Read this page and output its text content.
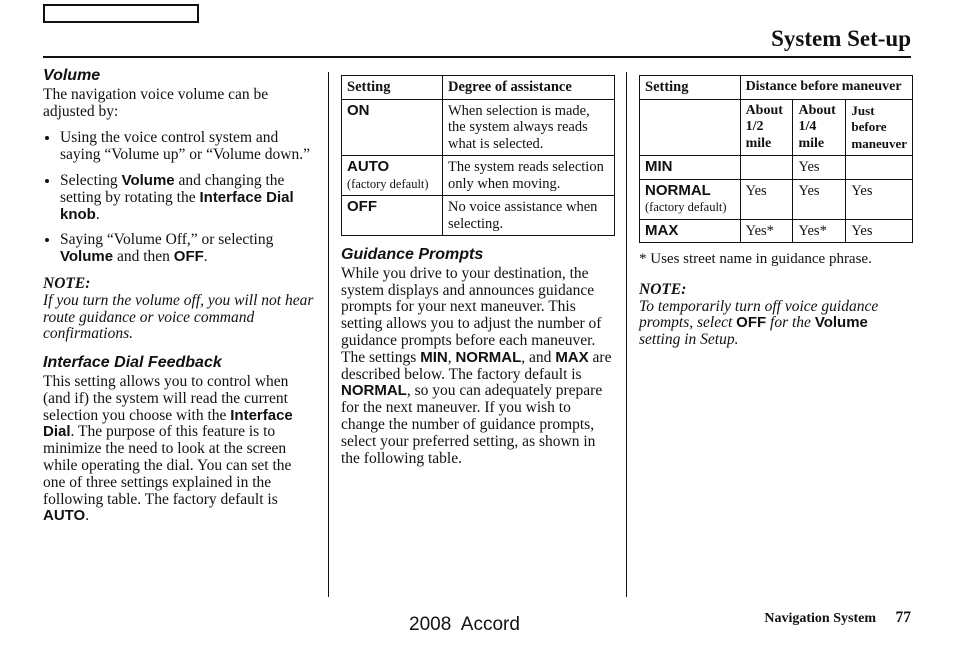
System Set-up
Volume

The navigation voice volume can be adjusted by:

• Using the voice control system and saying “Volume up” or “Volume down.”
• Selecting Volume and changing the setting by rotating the Interface Dial knob.
• Saying “Volume Off,” or selecting Volume and then OFF.

NOTE:

If you turn the volume off, you will not hear route guidance or voice command confirmations.

Interface Dial Feedback

This setting allows you to control when (and if) the system will read the current selection you choose with the Interface Dial. The purpose of this feature is to minimize the need to look at the screen while operating the dial. You can set the one of three settings explained in the following table. The factory default is AUTO.

Setting	Degree of assistance
ON	When selection is made, the system always reads what is selected.
AUTO
(factory default)	The system reads selection only when moving.
OFF	No voice assistance when selecting.
Guidance Prompts

While you drive to your destination, the system displays and announces guidance prompts for your next maneuver. This setting allows you to adjust the number of guidance prompts before each maneuver. The settings MIN, NORMAL, and MAX are described below. The factory default is NORMAL, so you can adequately prepare for the next maneuver. If you wish to change the number of guidance prompts, select your preferred setting, as shown in the following table.

Setting	Distance before maneuver		
	About 1/2 mile	About 1/4 mile	Just before maneuver
MIN		Yes	
NORMAL
(factory default)	Yes	Yes	Yes
MAX	Yes*	Yes*	Yes

* Uses street name in guidance phrase.

NOTE:

To temporarily turn off voice guidance prompts, select OFF for the Volume setting in Setup.

Navigation System 77
2008  Accord
